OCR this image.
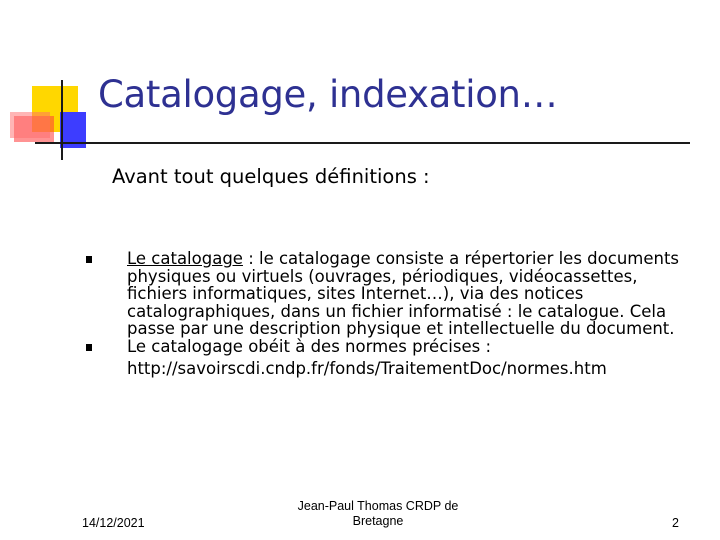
Catalogage, indexation…
Avant tout quelques définitions :
Le catalogage : le catalogage consiste a répertorier les documents physiques ou virtuels (ouvrages, périodiques, vidéocassettes, fichiers informatiques, sites Internet…), via des notices catalographiques, dans un fichier informatisé : le catalogue. Cela passe par une description physique et intellectuelle du document.
Le catalogage obéit à des normes précises :
http://savoirscdi.cndp.fr/fonds/TraitementDoc/normes.htm
14/12/2021
Jean-Paul Thomas CRDP de
Bretagne	2
